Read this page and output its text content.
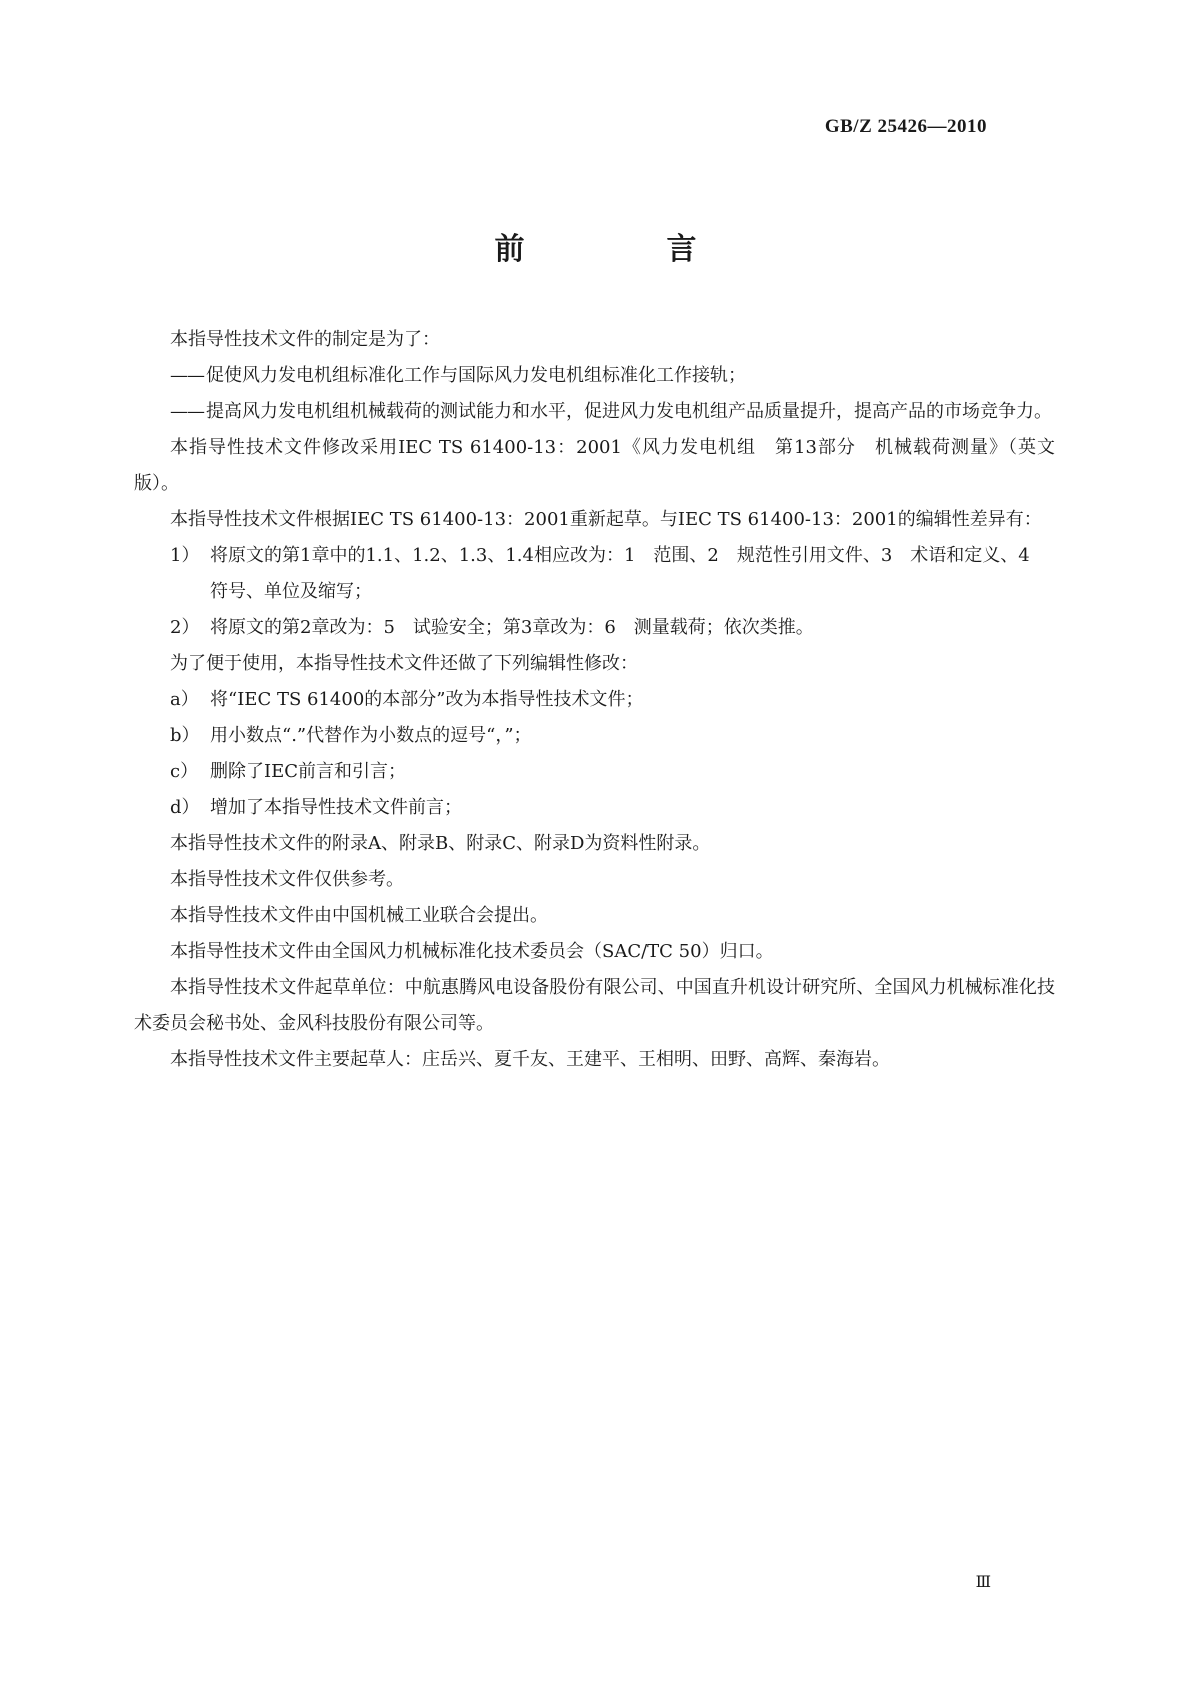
GB/Z 25426—2010
前　言

本指导性技术文件的制定是为了：

—— 促使风力发电机组标准化工作与国际风力发电机组标准化工作接轨；
—— 提高风力发电机组机械载荷的测试能力和水平，促进风力发电机组产品质量提升，提高产品的市场竞争力。

本指导性技术文件修改采用IEC TS 61400-13：2001《风力发电机组　第13部分　机械载荷测量》（英文版）。

本指导性技术文件根据IEC TS 61400-13：2001重新起草。与IEC TS 61400-13：2001的编辑性差异有：

1） 将原文的第1章中的1.1、1.2、1.3、1.4相应改为：1　范围、2　规范性引用文件、3　术语和定义、4　符号、单位及缩写；
2） 将原文的第2章改为：5　试验安全；第3章改为：6　测量载荷；依次类推。

为了便于使用，本指导性技术文件还做了下列编辑性修改：

a） 将“IEC TS 61400的本部分”改为本指导性技术文件；
b） 用小数点“.”代替作为小数点的逗号“，”；
c） 删除了IEC前言和引言；
d） 增加了本指导性技术文件前言；

本指导性技术文件的附录A、附录B、附录C、附录D为资料性附录。

本指导性技术文件仅供参考。

本指导性技术文件由中国机械工业联合会提出。

本指导性技术文件由全国风力机械标准化技术委员会（SAC/TC 50）归口。

本指导性技术文件起草单位：中航惠腾风电设备股份有限公司、中国直升机设计研究所、全国风力机械标准化技术委员会秘书处、金风科技股份有限公司等。

本指导性技术文件主要起草人：庄岳兴、夏千友、王建平、王相明、田野、高辉、秦海岩。

Ⅲ
